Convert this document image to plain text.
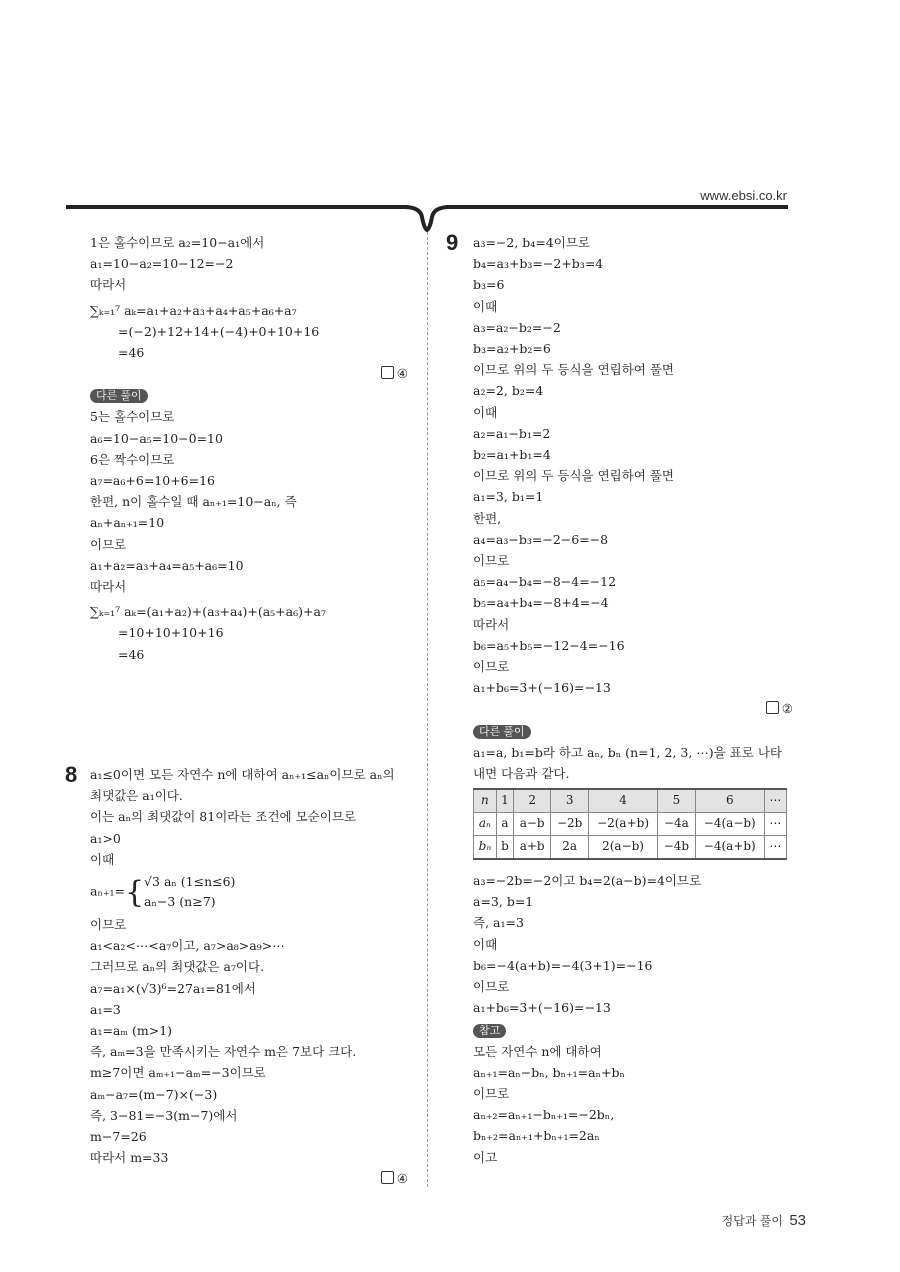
www.ebsi.co.kr
1은 홀수이므로 a₂=10−a₁에서
a₁=10−a₂=10−12=−2
따라서
∑ₖ₌₁⁷ aₖ=a₁+a₂+a₃+a₄+a₅+a₆+a₇
=(−2)+12+14+(−4)+0+10+16
=46
④
다른 풀이
5는 홀수이므로
a₆=10−a₅=10−0=10
6은 짝수이므로
a₇=a₆+6=10+6=16
한편, n이 홀수일 때 aₙ₊₁=10−aₙ, 즉
aₙ+aₙ₊₁=10
이므로
a₁+a₂=a₃+a₄=a₅+a₆=10
따라서
∑ₖ₌₁⁷ aₖ=(a₁+a₂)+(a₃+a₄)+(a₅+a₆)+a₇
=10+10+10+16
=46
8 a₁≤0이면 모든 자연수 n에 대하여 aₙ₊₁≤aₙ이므로 aₙ의
최댓값은 a₁이다.
이는 aₙ의 최댓값이 81이라는 조건에 모순이므로
a₁>0
이때
aₙ₊₁={ √3 aₙ (1≤n≤6)
aₙ−3 (n≥7)
이므로
a₁<a₂<⋯<a₇이고, a₇>a₈>a₉>⋯
그러므로 aₙ의 최댓값은 a₇이다.
a₇=a₁×(√3)⁶=27a₁=81에서
a₁=3
a₁=aₘ (m>1)
즉, aₘ=3을 만족시키는 자연수 m은 7보다 크다.
m≥7이면 aₘ₊₁−aₘ=−3이므로
aₘ−a₇=(m−7)×(−3)
즉, 3−81=−3(m−7)에서
m−7=26
따라서 m=33
④
9 a₃=−2, b₄=4이므로
b₄=a₃+b₃=−2+b₃=4
b₃=6
이때
a₃=a₂−b₂=−2
b₃=a₂+b₂=6
이므로 위의 두 등식을 연립하여 풀면
a₂=2, b₂=4
이때
a₂=a₁−b₁=2
b₂=a₁+b₁=4
이므로 위의 두 등식을 연립하여 풀면
a₁=3, b₁=1
한편,
a₄=a₃−b₃=−2−6=−8
이므로
a₅=a₄−b₄=−8−4=−12
b₅=a₄+b₄=−8+4=−4
따라서
b₆=a₅+b₅=−12−4=−16
이므로
a₁+b₆=3+(−16)=−13
②
다른 풀이
a₁=a, b₁=b라 하고 aₙ, bₙ (n=1, 2, 3, ⋯)을 표로 나타
내면 다음과 같다.
n	1	2	3	4	5	6	⋯
aₙ	a	a−b	−2b	−2(a+b)	−4a	−4(a−b)	⋯
bₙ	b	a+b	2a	2(a−b)	−4b	−4(a+b)	⋯
a₃=−2b=−2이고 b₄=2(a−b)=4이므로
a=3, b=1
즉, a₁=3
이때
b₆=−4(a+b)=−4(3+1)=−16
이므로
a₁+b₆=3+(−16)=−13
참고
모든 자연수 n에 대하여
aₙ₊₁=aₙ−bₙ, bₙ₊₁=aₙ+bₙ
이므로
aₙ₊₂=aₙ₊₁−bₙ₊₁=−2bₙ,
bₙ₊₂=aₙ₊₁+bₙ₊₁=2aₙ
이고
정답과 풀이 53
